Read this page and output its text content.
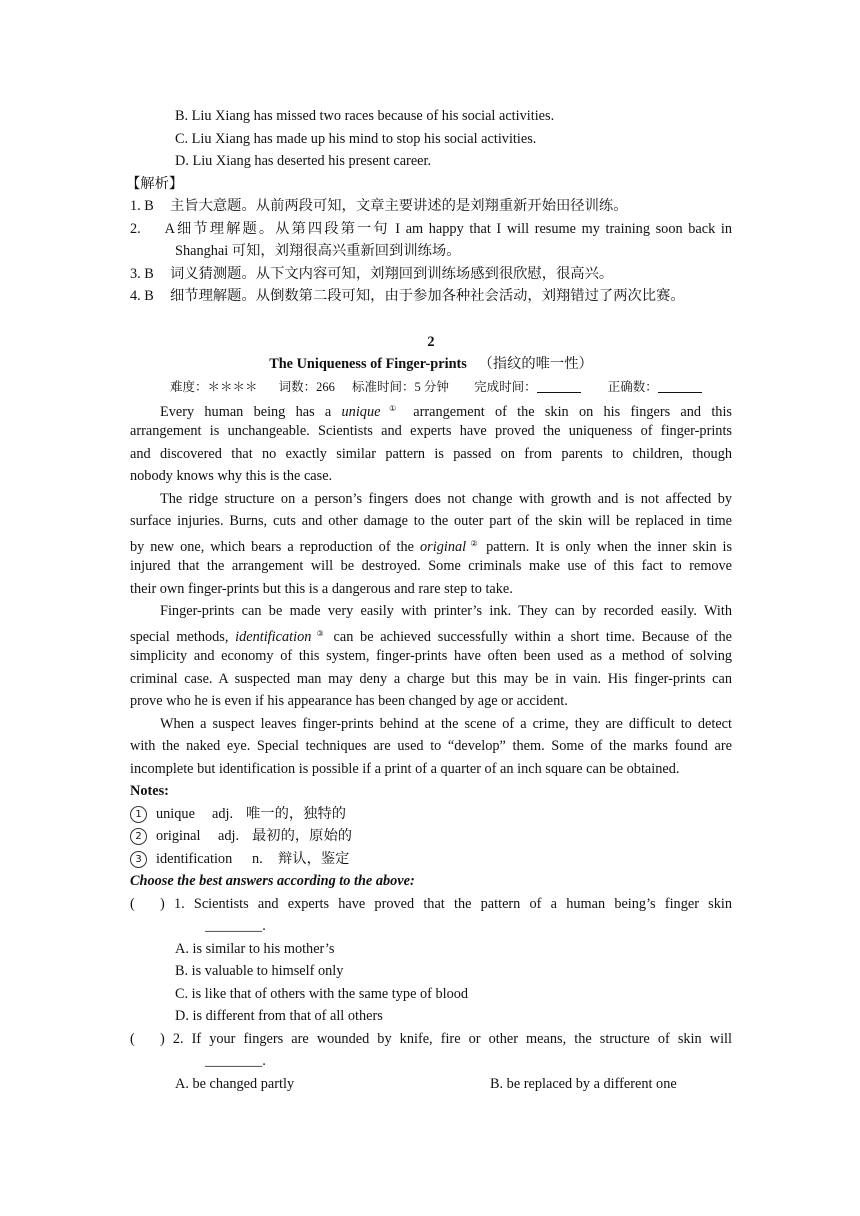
B. Liu Xiang has missed two races because of his social activities.
C. Liu Xiang has made up his mind to stop his social activities.
D. Liu Xiang has deserted his present career.
【解析】
1. B 主旨大意题。从前两段可知，文章主要讲述的是刘翔重新开始田径训练。
2. A细节理解题。从第四段第一句 I am happy that I will resume my training soon back in
Shanghai 可知，刘翔很高兴重新回到训练场。
3. B 词义猜测题。从下文内容可知，刘翔回到训练场感到很欣慰，很高兴。
4. B 细节理解题。从倒数第二段可知，由于参加各种社会活动，刘翔错过了两次比赛。
2
The Uniqueness of Finger-prints （指纹的唯一性）
难度：＊＊＊＊ 词数：266 标准时间：5 分钟 完成时间：	正确数：
Every human being has a unique ① arrangement of the skin on his fingers and this
arrangement is unchangeable. Scientists and experts have proved the uniqueness of finger-prints
and discovered that no exactly similar pattern is passed on from parents to children, though
nobody knows why this is the case.
The ridge structure on a person’s fingers does not change with growth and is not affected by
surface injuries. Burns, cuts and other damage to the outer part of the skin will be replaced in time
by new one, which bears a reproduction of the original ② pattern. It is only when the inner skin is
injured that the arrangement will be destroyed. Some criminals make use of this fact to remove
their own finger-prints but this is a dangerous and rare step to take.
Finger-prints can be made very easily with printer’s ink. They can by recorded easily. With
special methods, identification ③ can be achieved successfully within a short time. Because of the
simplicity and economy of this system, finger-prints have often been used as a method of solving
criminal case. A suspected man may deny a charge but this may be in vain. His finger-prints can
prove who he is even if his appearance has been changed by age or accident.
When a suspect leaves finger-prints behind at the scene of a crime, they are difficult to detect
with the naked eye. Special techniques are used to “develop” them. Some of the marks found are
incomplete but identification is possible if a print of a quarter of an inch square can be obtained.
Notes:
1 unique adj. 唯一的，独特的
2 original adj. 最初的，原始的
3 identification n. 辩认，鉴定
Choose the best answers according to the above:
( ) 1. Scientists and experts have proved that the pattern of a human being’s finger skin
________.
A. is similar to his mother’s
B. is valuable to himself only
C. is like that of others with the same type of blood
D. is different from that of all others
( ) 2. If your fingers are wounded by knife, fire or other means, the structure of skin will
________.
A. be changed partly	B. be replaced by a different one
